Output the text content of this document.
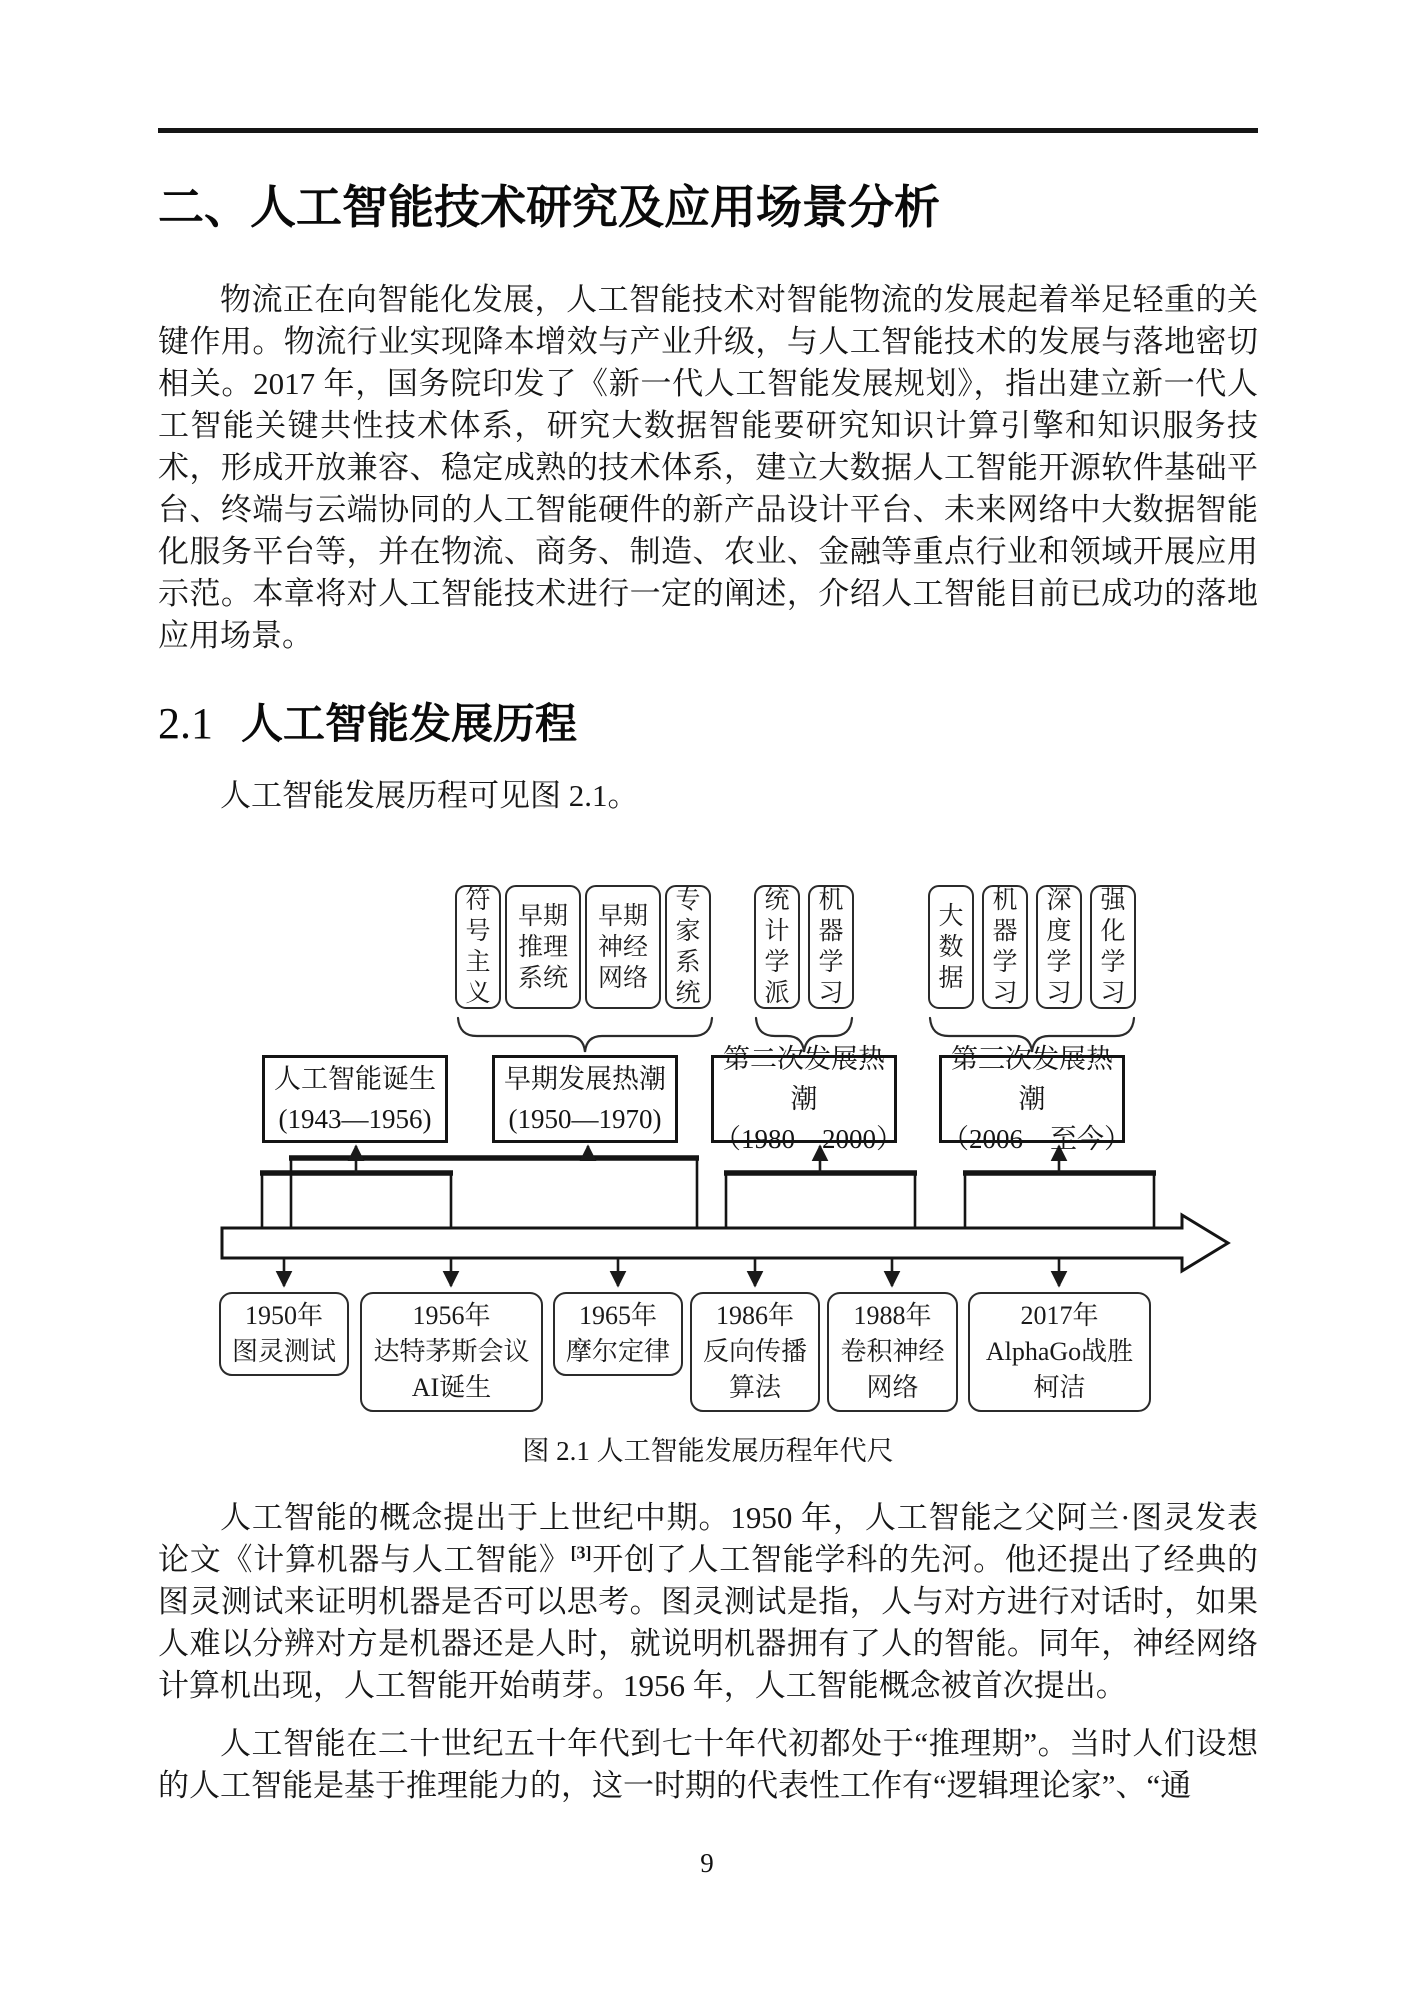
二、人工智能技术研究及应用场景分析

物流正在向智能化发展，人工智能技术对智能物流的发展起着举足轻重的关键作用。物流行业实现降本增效与产业升级，与人工智能技术的发展与落地密切相关。2017 年，国务院印发了《新一代人工智能发展规划》，指出建立新一代人工智能关键共性技术体系，研究大数据智能要研究知识计算引擎和知识服务技术，形成开放兼容、稳定成熟的技术体系，建立大数据人工智能开源软件基础平台、终端与云端协同的人工智能硬件的新产品设计平台、未来网络中大数据智能化服务平台等，并在物流、商务、制造、农业、金融等重点行业和领域开展应用示范。本章将对人工智能技术进行一定的阐述，介绍人工智能目前已成功的落地应用场景。

2.1 人工智能发展历程

人工智能发展历程可见图 2.1。

符号主义
早期推理系统
早期神经网络
专家系统
统计学派
机器学习
大数据
机器学习
深度学习
强化学习
人工智能诞生
(1943—1956)
早期发展热潮
(1950—1970)
第二次发展热潮
（1980—2000）
第三次发展热潮
（2006—至今）
1950年
图灵测试
1956年
达特茅斯会议
AI诞生
1965年
摩尔定律
1986年
反向传播
算法
1988年
卷积神经
网络
2017年
AlphaGo战胜
柯洁
图 2.1 人工智能发展历程年代尺

人工智能的概念提出于上世纪中期。1950 年，人工智能之父阿兰·图灵发表论文《计算机器与人工智能》[3]开创了人工智能学科的先河。他还提出了经典的图灵测试来证明机器是否可以思考。图灵测试是指，人与对方进行对话时，如果人难以分辨对方是机器还是人时，就说明机器拥有了人的智能。同年，神经网络计算机出现，人工智能开始萌芽。1956 年，人工智能概念被首次提出。

人工智能在二十世纪五十年代到七十年代初都处于“推理期”。当时人们设想的人工智能是基于推理能力的，这一时期的代表性工作有“逻辑理论家”、“通

9
